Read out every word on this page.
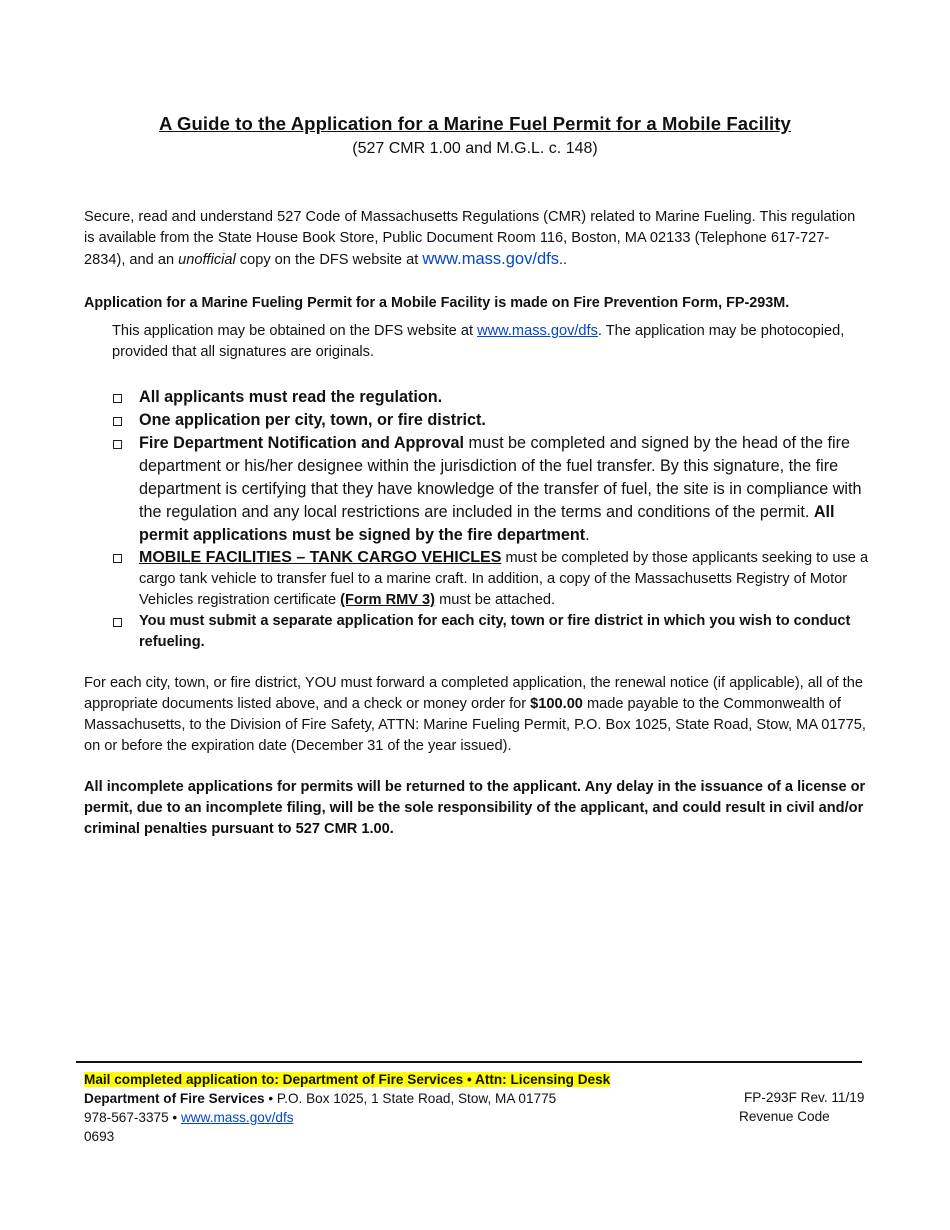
A Guide to the Application for a Marine Fuel Permit for a Mobile Facility
(527 CMR 1.00 and M.G.L. c. 148)
Secure, read and understand 527 Code of Massachusetts Regulations (CMR) related to Marine Fueling. This regulation is available from the State House Book Store, Public Document Room 116, Boston, MA 02133 (Telephone 617-727-2834), and an unofficial copy on the DFS website at www.mass.gov/dfs..
Application for a Marine Fueling Permit for a Mobile Facility is made on Fire Prevention Form, FP-293M.
This application may be obtained on the DFS website at www.mass.gov/dfs. The application may be photocopied, provided that all signatures are originals.
All applicants must read the regulation.
One application per city, town, or fire district.
Fire Department Notification and Approval must be completed and signed by the head of the fire department or his/her designee within the jurisdiction of the fuel transfer. By this signature, the fire department is certifying that they have knowledge of the transfer of fuel, the site is in compliance with the regulation and any local restrictions are included in the terms and conditions of the permit. All permit applications must be signed by the fire department.
MOBILE FACILITIES – TANK CARGO VEHICLES must be completed by those applicants seeking to use a cargo tank vehicle to transfer fuel to a marine craft. In addition, a copy of the Massachusetts Registry of Motor Vehicles registration certificate (Form RMV 3) must be attached.
You must submit a separate application for each city, town or fire district in which you wish to conduct refueling.
For each city, town, or fire district, YOU must forward a completed application, the renewal notice (if applicable), all of the appropriate documents listed above, and a check or money order for $100.00 made payable to the Commonwealth of Massachusetts, to the Division of Fire Safety, ATTN: Marine Fueling Permit, P.O. Box 1025, State Road, Stow, MA 01775, on or before the expiration date (December 31 of the year issued).
All incomplete applications for permits will be returned to the applicant. Any delay in the issuance of a license or permit, due to an incomplete filing, will be the sole responsibility of the applicant, and could result in civil and/or criminal penalties pursuant to 527 CMR 1.00.
Mail completed application to: Department of Fire Services • Attn: Licensing Desk
Department of Fire Services • P.O. Box 1025, 1 State Road, Stow, MA 01775
978-567-3375 • www.mass.gov/dfs
0693
FP-293F Rev. 11/19
Revenue Code
